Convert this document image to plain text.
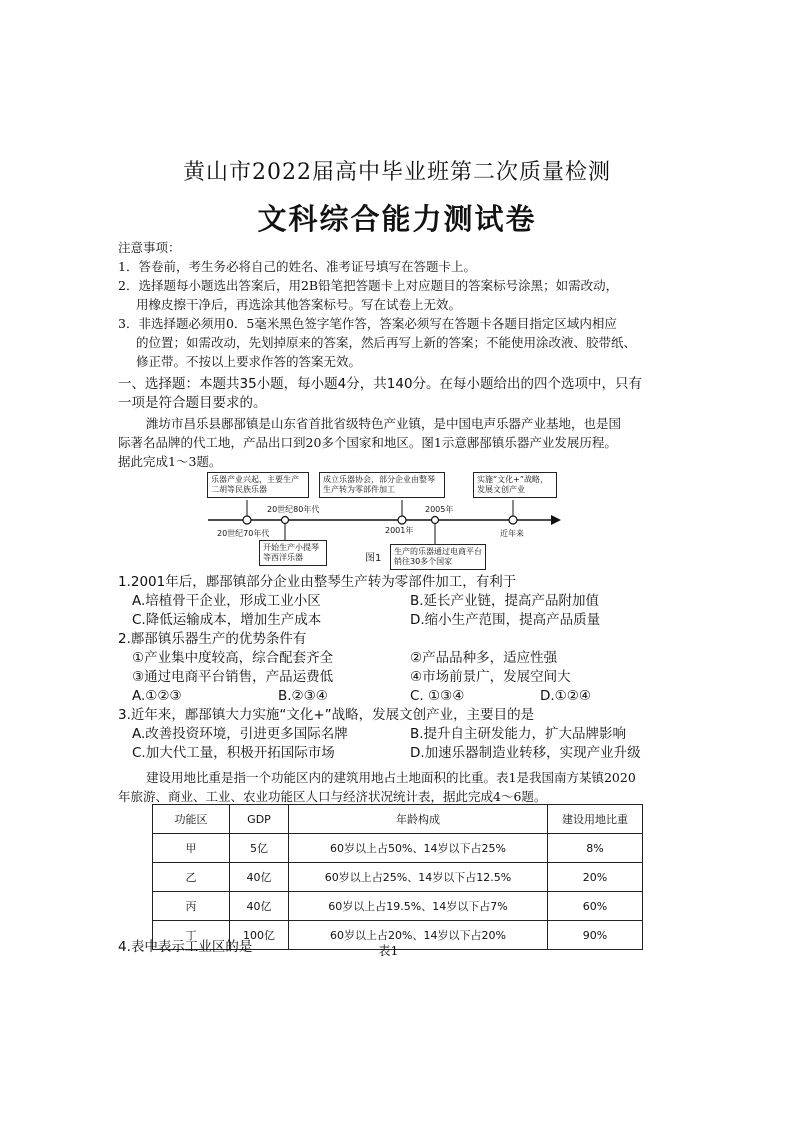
黄山市2022届高中毕业班第二次质量检测
文科综合能力测试卷
注意事项：
1．答卷前，考生务必将自己的姓名、准考证号填写在答题卡上。
2．选择题每小题选出答案后，用2B铅笔把答题卡上对应题目的答案标号涂黑；如需改动，
用橡皮擦干净后，再选涂其他答案标号。写在试卷上无效。
3．非选择题必须用0．5毫米黑色签字笔作答，答案必须写在答题卡各题目指定区域内相应
的位置；如需改动，先划掉原来的答案，然后再写上新的答案；不能使用涂改液、胶带纸、
修正带。不按以上要求作答的答案无效。
一、选择题：本题共35小题，每小题4分，共140分。在每小题给出的四个选项中，只有
一项是符合题目要求的。
潍坊市昌乐县鄌郚镇是山东省首批省级特色产业镇，是中国电声乐器产业基地，也是国
际著名品牌的代工地，产品出口到20多个国家和地区。图1示意鄌郚镇乐器产业发展历程。
据此完成1～3题。
乐器产业兴起，主要生产二胡等民族乐器
成立乐器协会，部分企业由整琴生产转为零部件加工
实施“文化+”战略，发展文创产业
20世纪80年代	2005年
20世纪70年代	2001年	近年来
开始生产小提琴等西洋乐器	图1
生产的乐器通过电商平台销往30多个国家
1.2001年后，鄌郚镇部分企业由整琴生产转为零部件加工，有利于
A.培植骨干企业，形成工业小区	B.延长产业链，提高产品附加值
C.降低运输成本，增加生产成本	D.缩小生产范围，提高产品质量
2.鄌郚镇乐器生产的优势条件有
①产业集中度较高，综合配套齐全	②产品品种多，适应性强
③通过电商平台销售，产品运费低	④市场前景广，发展空间大
A.①②③	B.②③④	C. ①③④	D.①②④
3.近年来，鄌郚镇大力实施“文化+”战略，发展文创产业，主要目的是
A.改善投资环境，引进更多国际名牌	B.提升自主研发能力，扩大品牌影响
C.加大代工量，积极开拓国际市场	D.加速乐器制造业转移，实现产业升级
建设用地比重是指一个功能区内的建筑用地占土地面积的比重。表1是我国南方某镇2020
年旅游、商业、工业、农业功能区人口与经济状况统计表，据此完成4～6题。
功能区	GDP	年龄构成	建设用地比重
甲	5亿	60岁以上占50%、14岁以下占25%	8%
乙	40亿	60岁以上占25%、14岁以下占12.5%	20%
丙	40亿	60岁以上占19.5%、14岁以下占7%	60%
丁	100亿	60岁以上占20%、14岁以下占20%	90%
4.表中表示工业区的是	表1
